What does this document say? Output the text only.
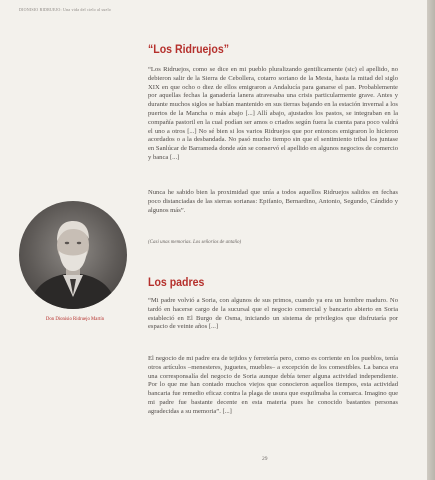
DIONISIO RIDRUEJO: Una vida del cielo al suelo
“Los Ridruejos”

“Los Ridruejos, como se dice en mi pueblo pluralizando gentilicamente (sic) el apellido, no debieron salir de la Sierra de Cebollera, cotarro soriano de la Mesta, hasta la mitad del siglo XIX en que ocho o diez de ellos emigraron a Andalucía para ganarse el pan. Probablemente por aquellas fechas la ganadería lanera atravesaba una crisis particularmente grave. Antes y durante muchos siglos se habían mantenido en sus tierras bajando en la estación invernal a los puertos de la Mancha o más abajo [...] Allí abajo, ajustados los pastos, se integraban en la compañía pastoril en la cual podían ser amos o criados según fuera la cuenta para poco valdrá el uno a otros [...] No sé bien si los varios Ridruejos que por entonces emigraron lo hicieron acordados o a la desbandada. No pasó mucho tiempo sin que el sentimiento tribal los juntase en Sanlúcar de Barrameda donde aún se conservó el apellido en algunos negocios de comercio y banca [...]

Nunca he sabido bien la proximidad que unía a todos aquellos Ridruejos salidos en fechas poco distanciadas de las sierras sorianas: Epifanio, Bernardino, Antonio, Segundo, Cándido y algunos más”.

(Casi unas memorias. Los señoríos de antaño)

Don Dionisio Ridruejo Martín

Los padres

“Mi padre volvió a Soria, con algunos de sus primos, cuando ya era un hombre maduro. No tardó en hacerse cargo de la sucursal que el negocio comercial y bancario abierto en Soria estableció en El Burgo de Osma, iniciando un sistema de privilegios que disfrutaría por espacio de veinte años [...]

El negocio de mi padre era de tejidos y ferretería pero, como es corriente en los pueblos, tenía otros artículos –menesteres, juguetes, muebles– a excepción de los comestibles. La banca era una corresponsalía del negocio de Soria aunque debía tener alguna actividad independiente. Por lo que me han contado muchos viejos que conocieron aquellos tiempos, esta actividad bancaria fue remedio eficaz contra la plaga de usura que esquilmaba la comarca. Imagino que mi padre fue bastante decente en esta materia pues he conocido bastantes personas agradecidas a su memoria”. [...]

29
